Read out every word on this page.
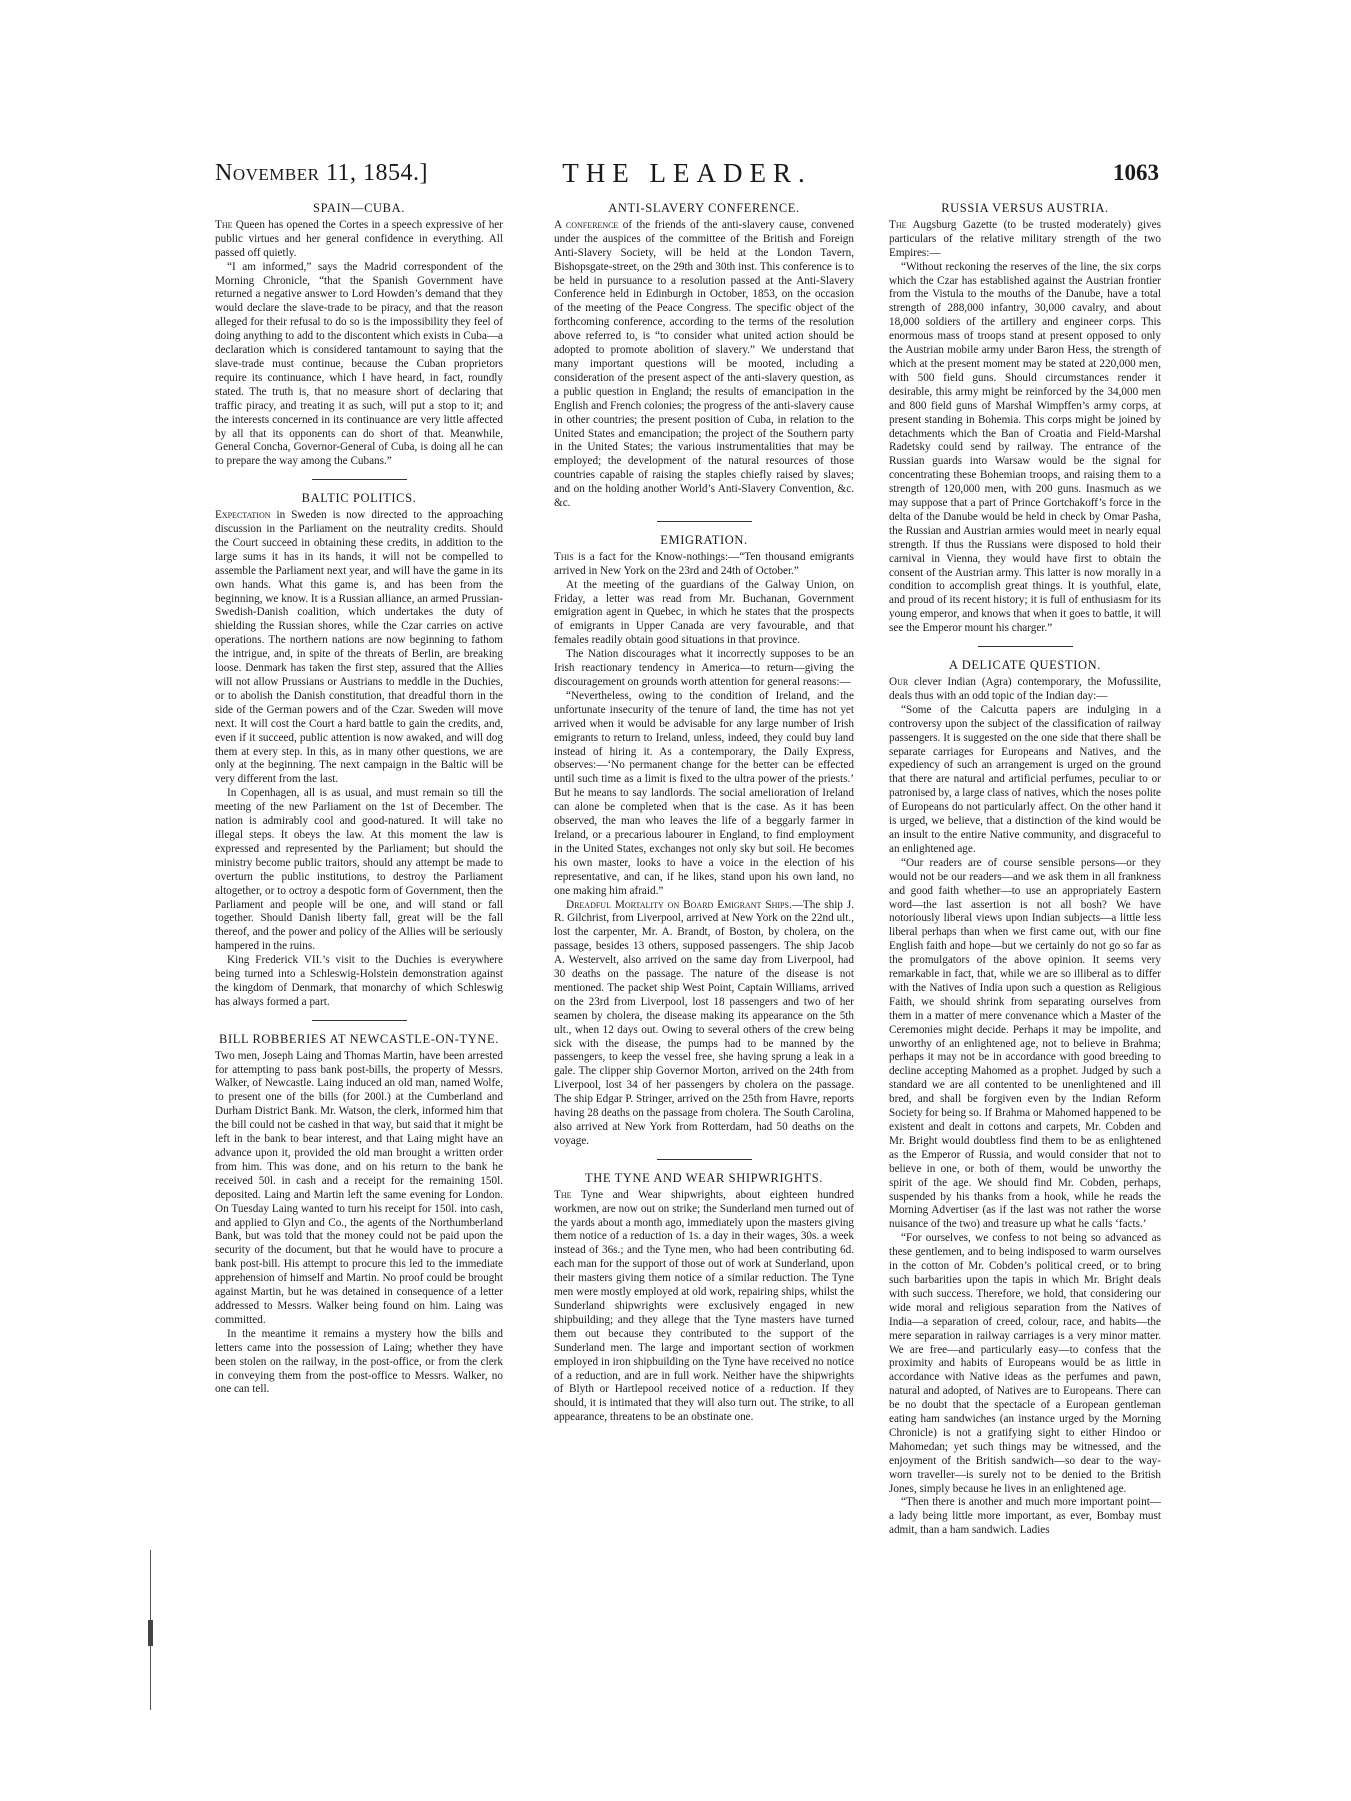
November 11, 1854.]	THE LEADER.	1063
SPAIN—CUBA.

The Queen has opened the Cortes in a speech expressive of her public virtues and her general confidence in everything. All passed off quietly.

“I am informed,” says the Madrid correspondent of the Morning Chronicle, “that the Spanish Government have returned a negative answer to Lord Howden’s demand that they would declare the slave-trade to be piracy, and that the reason alleged for their refusal to do so is the impossibility they feel of doing anything to add to the discontent which exists in Cuba—a declaration which is considered tantamount to saying that the slave-trade must continue, because the Cuban proprietors require its continuance, which I have heard, in fact, roundly stated. The truth is, that no measure short of declaring that traffic piracy, and treating it as such, will put a stop to it; and the interests concerned in its continuance are very little affected by all that its opponents can do short of that. Meanwhile, General Concha, Governor-General of Cuba, is doing all he can to prepare the way among the Cubans.”

BALTIC POLITICS.

Expectation in Sweden is now directed to the approaching discussion in the Parliament on the neutrality credits. Should the Court succeed in obtaining these credits, in addition to the large sums it has in its hands, it will not be compelled to assemble the Parliament next year, and will have the game in its own hands. What this game is, and has been from the beginning, we know. It is a Russian alliance, an armed Prussian-Swedish-Danish coalition, which undertakes the duty of shielding the Russian shores, while the Czar carries on active operations. The northern nations are now beginning to fathom the intrigue, and, in spite of the threats of Berlin, are breaking loose. Denmark has taken the first step, assured that the Allies will not allow Prussians or Austrians to meddle in the Duchies, or to abolish the Danish constitution, that dreadful thorn in the side of the German powers and of the Czar. Sweden will move next. It will cost the Court a hard battle to gain the credits, and, even if it succeed, public attention is now awaked, and will dog them at every step. In this, as in many other questions, we are only at the beginning. The next campaign in the Baltic will be very different from the last.

In Copenhagen, all is as usual, and must remain so till the meeting of the new Parliament on the 1st of December. The nation is admirably cool and good-natured. It will take no illegal steps. It obeys the law. At this moment the law is expressed and represented by the Parliament; but should the ministry become public traitors, should any attempt be made to overturn the public institutions, to destroy the Parliament altogether, or to octroy a despotic form of Government, then the Parliament and people will be one, and will stand or fall together. Should Danish liberty fall, great will be the fall thereof, and the power and policy of the Allies will be seriously hampered in the ruins.

King Frederick VII.’s visit to the Duchies is everywhere being turned into a Schleswig-Holstein demonstration against the kingdom of Denmark, that monarchy of which Schleswig has always formed a part.

BILL ROBBERIES AT NEWCASTLE-ON-TYNE.

Two men, Joseph Laing and Thomas Martin, have been arrested for attempting to pass bank post-bills, the property of Messrs. Walker, of Newcastle. Laing induced an old man, named Wolfe, to present one of the bills (for 200l.) at the Cumberland and Durham District Bank. Mr. Watson, the clerk, informed him that the bill could not be cashed in that way, but said that it might be left in the bank to bear interest, and that Laing might have an advance upon it, provided the old man brought a written order from him. This was done, and on his return to the bank he received 50l. in cash and a receipt for the remaining 150l. deposited. Laing and Martin left the same evening for London. On Tuesday Laing wanted to turn his receipt for 150l. into cash, and applied to Glyn and Co., the agents of the Northumberland Bank, but was told that the money could not be paid upon the security of the document, but that he would have to procure a bank post-bill. His attempt to procure this led to the immediate apprehension of himself and Martin. No proof could be brought against Martin, but he was detained in consequence of a letter addressed to Messrs. Walker being found on him. Laing was committed.

In the meantime it remains a mystery how the bills and letters came into the possession of Laing; whether they have been stolen on the railway, in the post-office, or from the clerk in conveying them from the post-office to Messrs. Walker, no one can tell.

ANTI-SLAVERY CONFERENCE.

A conference of the friends of the anti-slavery cause, convened under the auspices of the committee of the British and Foreign Anti-Slavery Society, will be held at the London Tavern, Bishopsgate-street, on the 29th and 30th inst. This conference is to be held in pursuance to a resolution passed at the Anti-Slavery Conference held in Edinburgh in October, 1853, on the occasion of the meeting of the Peace Congress. The specific object of the forthcoming conference, according to the terms of the resolution above referred to, is “to consider what united action should be adopted to promote abolition of slavery.” We understand that many important questions will be mooted, including a consideration of the present aspect of the anti-slavery question, as a public question in England; the results of emancipation in the English and French colonies; the progress of the anti-slavery cause in other countries; the present position of Cuba, in relation to the United States and emancipation; the project of the Southern party in the United States; the various instrumentalities that may be employed; the development of the natural resources of those countries capable of raising the staples chiefly raised by slaves; and on the holding another World’s Anti-Slavery Convention, &c. &c.

EMIGRATION.

This is a fact for the Know-nothings:—“Ten thousand emigrants arrived in New York on the 23rd and 24th of October.”

At the meeting of the guardians of the Galway Union, on Friday, a letter was read from Mr. Buchanan, Government emigration agent in Quebec, in which he states that the prospects of emigrants in Upper Canada are very favourable, and that females readily obtain good situations in that province.

The Nation discourages what it incorrectly supposes to be an Irish reactionary tendency in America—to return—giving the discouragement on grounds worth attention for general reasons:—

“Nevertheless, owing to the condition of Ireland, and the unfortunate insecurity of the tenure of land, the time has not yet arrived when it would be advisable for any large number of Irish emigrants to return to Ireland, unless, indeed, they could buy land instead of hiring it. As a contemporary, the Daily Express, observes:—‘No permanent change for the better can be effected until such time as a limit is fixed to the ultra power of the priests.’ But he means to say landlords. The social amelioration of Ireland can alone be completed when that is the case. As it has been observed, the man who leaves the life of a beggarly farmer in Ireland, or a precarious labourer in England, to find employment in the United States, exchanges not only sky but soil. He becomes his own master, looks to have a voice in the election of his representative, and can, if he likes, stand upon his own land, no one making him afraid.”

Dreadful Mortality on Board Emigrant Ships.—The ship J. R. Gilchrist, from Liverpool, arrived at New York on the 22nd ult., lost the carpenter, Mr. A. Brandt, of Boston, by cholera, on the passage, besides 13 others, supposed passengers. The ship Jacob A. Westervelt, also arrived on the same day from Liverpool, had 30 deaths on the passage. The nature of the disease is not mentioned. The packet ship West Point, Captain Williams, arrived on the 23rd from Liverpool, lost 18 passengers and two of her seamen by cholera, the disease making its appearance on the 5th ult., when 12 days out. Owing to several others of the crew being sick with the disease, the pumps had to be manned by the passengers, to keep the vessel free, she having sprung a leak in a gale. The clipper ship Governor Morton, arrived on the 24th from Liverpool, lost 34 of her passengers by cholera on the passage. The ship Edgar P. Stringer, arrived on the 25th from Havre, reports having 28 deaths on the passage from cholera. The South Carolina, also arrived at New York from Rotterdam, had 50 deaths on the voyage.

THE TYNE AND WEAR SHIPWRIGHTS.

The Tyne and Wear shipwrights, about eighteen hundred workmen, are now out on strike; the Sunderland men turned out of the yards about a month ago, immediately upon the masters giving them notice of a reduction of 1s. a day in their wages, 30s. a week instead of 36s.; and the Tyne men, who had been contributing 6d. each man for the support of those out of work at Sunderland, upon their masters giving them notice of a similar reduction. The Tyne men were mostly employed at old work, repairing ships, whilst the Sunderland shipwrights were exclusively engaged in new shipbuilding; and they allege that the Tyne masters have turned them out because they contributed to the support of the Sunderland men. The large and important section of workmen employed in iron shipbuilding on the Tyne have received no notice of a reduction, and are in full work. Neither have the shipwrights of Blyth or Hartlepool received notice of a reduction. If they should, it is intimated that they will also turn out. The strike, to all appearance, threatens to be an obstinate one.

RUSSIA VERSUS AUSTRIA.

The Augsburg Gazette (to be trusted moderately) gives particulars of the relative military strength of the two Empires:—

“Without reckoning the reserves of the line, the six corps which the Czar has established against the Austrian frontier from the Vistula to the mouths of the Danube, have a total strength of 288,000 infantry, 30,000 cavalry, and about 18,000 soldiers of the artillery and engineer corps. This enormous mass of troops stand at present opposed to only the Austrian mobile army under Baron Hess, the strength of which at the present moment may be stated at 220,000 men, with 500 field guns. Should circumstances render it desirable, this army might be reinforced by the 34,000 men and 800 field guns of Marshal Wimpffen’s army corps, at present standing in Bohemia. This corps might be joined by detachments which the Ban of Croatia and Field-Marshal Radetsky could send by railway. The entrance of the Russian guards into Warsaw would be the signal for concentrating these Bohemian troops, and raising them to a strength of 120,000 men, with 200 guns. Inasmuch as we may suppose that a part of Prince Gortchakoff’s force in the delta of the Danube would be held in check by Omar Pasha, the Russian and Austrian armies would meet in nearly equal strength. If thus the Russians were disposed to hold their carnival in Vienna, they would have first to obtain the consent of the Austrian army. This latter is now morally in a condition to accomplish great things. It is youthful, elate, and proud of its recent history; it is full of enthusiasm for its young emperor, and knows that when it goes to battle, it will see the Emperor mount his charger.”

A DELICATE QUESTION.

Our clever Indian (Agra) contemporary, the Mofussilite, deals thus with an odd topic of the Indian day:—

“Some of the Calcutta papers are indulging in a controversy upon the subject of the classification of railway passengers. It is suggested on the one side that there shall be separate carriages for Europeans and Natives, and the expediency of such an arrangement is urged on the ground that there are natural and artificial perfumes, peculiar to or patronised by, a large class of natives, which the noses polite of Europeans do not particularly affect. On the other hand it is urged, we believe, that a distinction of the kind would be an insult to the entire Native community, and disgraceful to an enlightened age.

“Our readers are of course sensible persons—or they would not be our readers—and we ask them in all frankness and good faith whether—to use an appropriately Eastern word—the last assertion is not all bosh? We have notoriously liberal views upon Indian subjects—a little less liberal perhaps than when we first came out, with our fine English faith and hope—but we certainly do not go so far as the promulgators of the above opinion. It seems very remarkable in fact, that, while we are so illiberal as to differ with the Natives of India upon such a question as Religious Faith, we should shrink from separating ourselves from them in a matter of mere convenance which a Master of the Ceremonies might decide. Perhaps it may be impolite, and unworthy of an enlightened age, not to believe in Brahma; perhaps it may not be in accordance with good breeding to decline accepting Mahomed as a prophet. Judged by such a standard we are all contented to be unenlightened and ill bred, and shall be forgiven even by the Indian Reform Society for being so. If Brahma or Mahomed happened to be existent and dealt in cottons and carpets, Mr. Cobden and Mr. Bright would doubtless find them to be as enlightened as the Emperor of Russia, and would consider that not to believe in one, or both of them, would be unworthy the spirit of the age. We should find Mr. Cobden, perhaps, suspended by his thanks from a hook, while he reads the Morning Advertiser (as if the last was not rather the worse nuisance of the two) and treasure up what he calls ‘facts.’

“For ourselves, we confess to not being so advanced as these gentlemen, and to being indisposed to warm ourselves in the cotton of Mr. Cobden’s political creed, or to bring such barbarities upon the tapis in which Mr. Bright deals with such success. Therefore, we hold, that considering our wide moral and religious separation from the Natives of India—a separation of creed, colour, race, and habits—the mere separation in railway carriages is a very minor matter. We are free—and particularly easy—to confess that the proximity and habits of Europeans would be as little in accordance with Native ideas as the perfumes and pawn, natural and adopted, of Natives are to Europeans. There can be no doubt that the spectacle of a European gentleman eating ham sandwiches (an instance urged by the Morning Chronicle) is not a gratifying sight to either Hindoo or Mahomedan; yet such things may be witnessed, and the enjoyment of the British sandwich—so dear to the way-worn traveller—is surely not to be denied to the British Jones, simply because he lives in an enlightened age.

“Then there is another and much more important point—a lady being little more important, as ever, Bombay must admit, than a ham sandwich. Ladies
